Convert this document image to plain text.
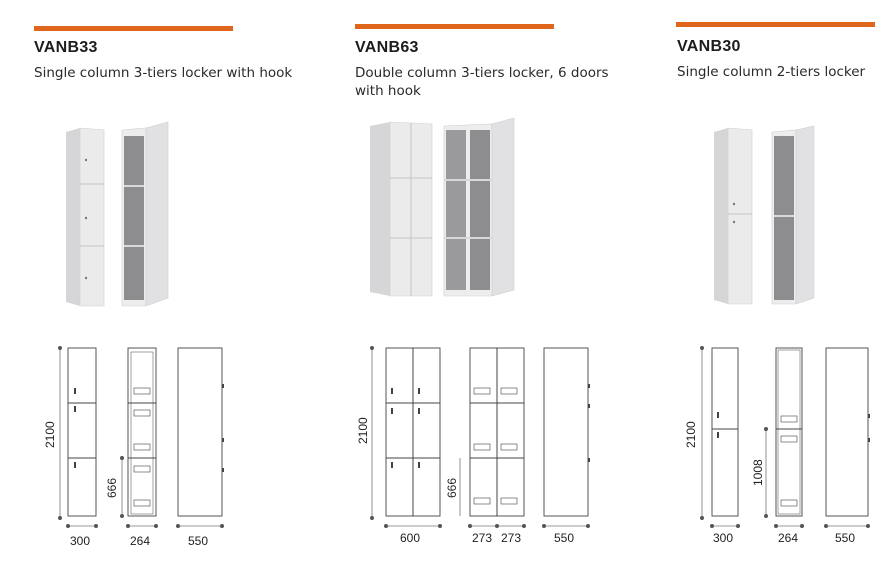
VANB33
Single column 3-tiers locker with hook
2100
300
666
264	550
VANB63
Double column 3-tiers locker, 6 doors with hook
2100
600
666
273 273	550
VANB30
Single column 2-tiers locker
2100
300
1008
264	550
